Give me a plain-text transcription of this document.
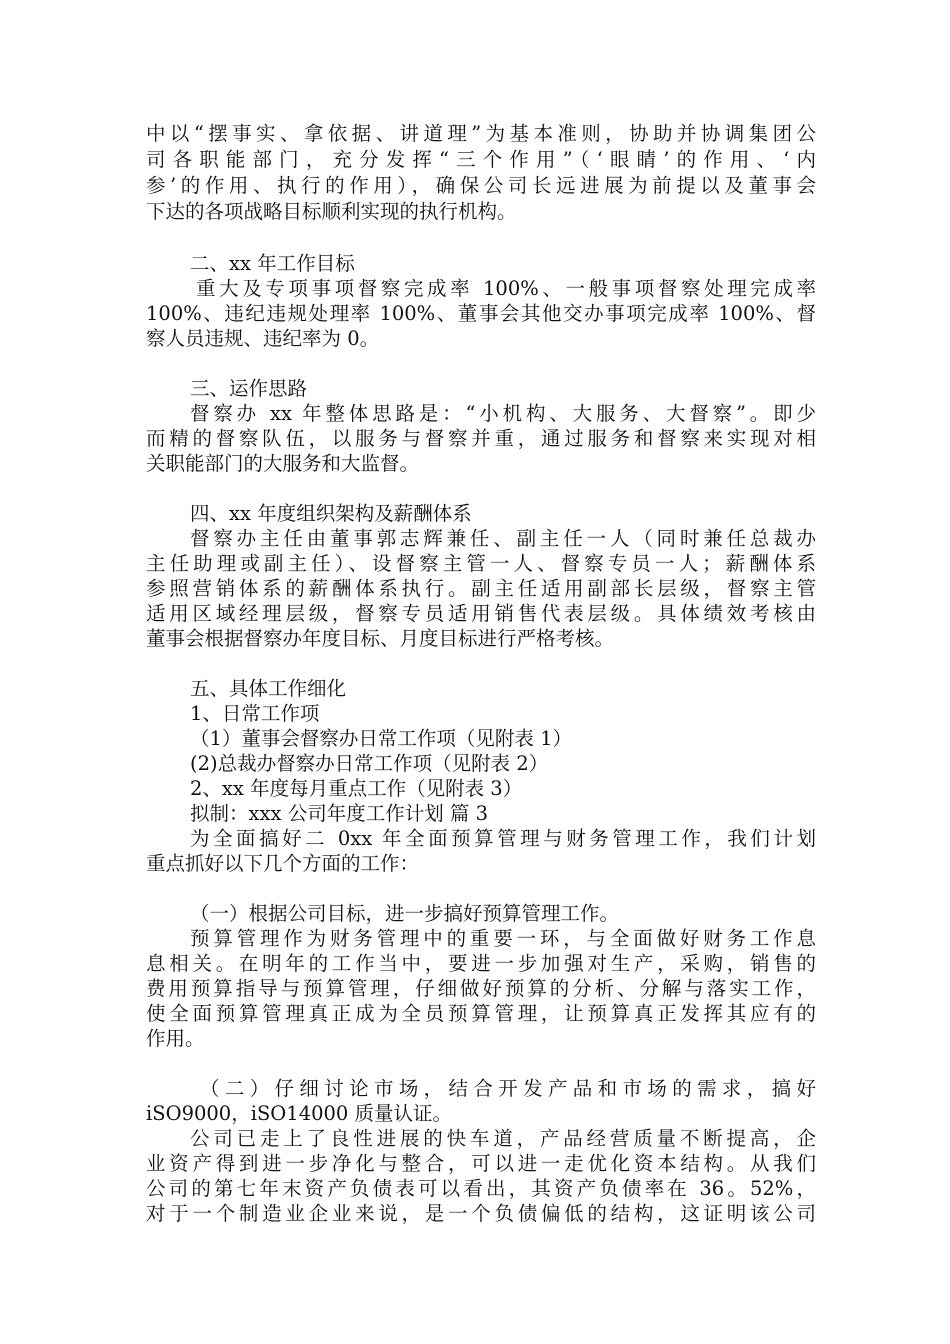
中以“摆事实、拿依据、讲道理”为基本准则，协助并协调集团公
司各职能部门，充分发挥“三个作用”（‘眼睛’的作用、‘内
参’的作用、执行的作用），确保公司长远进展为前提以及董事会
下达的各项战略目标顺利实现的执行机构。
二、xx 年工作目标
重大及专项事项督察完成率 100%、一般事项督察处理完成率
100%、违纪违规处理率 100%、董事会其他交办事项完成率 100%、督
察人员违规、违纪率为 0。
三、运作思路
督察办 xx 年整体思路是：“小机构、大服务、大督察”。即少
而精的督察队伍，以服务与督察并重，通过服务和督察来实现对相
关职能部门的大服务和大监督。
四、xx 年度组织架构及薪酬体系
督察办主任由董事郭志辉兼任、副主任一人（同时兼任总裁办
主任助理或副主任）、设督察主管一人、督察专员一人；薪酬体系
参照营销体系的薪酬体系执行。副主任适用副部长层级，督察主管
适用区域经理层级，督察专员适用销售代表层级。具体绩效考核由
董事会根据督察办年度目标、月度目标进行严格考核。
五、具体工作细化
1、日常工作项
（1）董事会督察办日常工作项（见附表 1）
(2)总裁办督察办日常工作项（见附表 2）
2、xx 年度每月重点工作（见附表 3）
拟制：xxx 公司年度工作计划 篇 3
为全面搞好二 0xx 年全面预算管理与财务管理工作，我们计划
重点抓好以下几个方面的工作：
（一）根据公司目标，进一步搞好预算管理工作。
预算管理作为财务管理中的重要一环，与全面做好财务工作息
息相关。在明年的工作当中，要进一步加强对生产，采购，销售的
费用预算指导与预算管理，仔细做好预算的分析、分解与落实工作，
使全面预算管理真正成为全员预算管理，让预算真正发挥其应有的
作用。
（二）仔细讨论市场，结合开发产品和市场的需求，搞好
iSO9000，iSO14000 质量认证。
公司已走上了良性进展的快车道，产品经营质量不断提高，企
业资产得到进一步净化与整合，可以进一走优化资本结构。从我们
公司的第七年末资产负债表可以看出，其资产负债率在 36。52%，
对于一个制造业企业来说，是一个负债偏低的结构，这证明该公司
